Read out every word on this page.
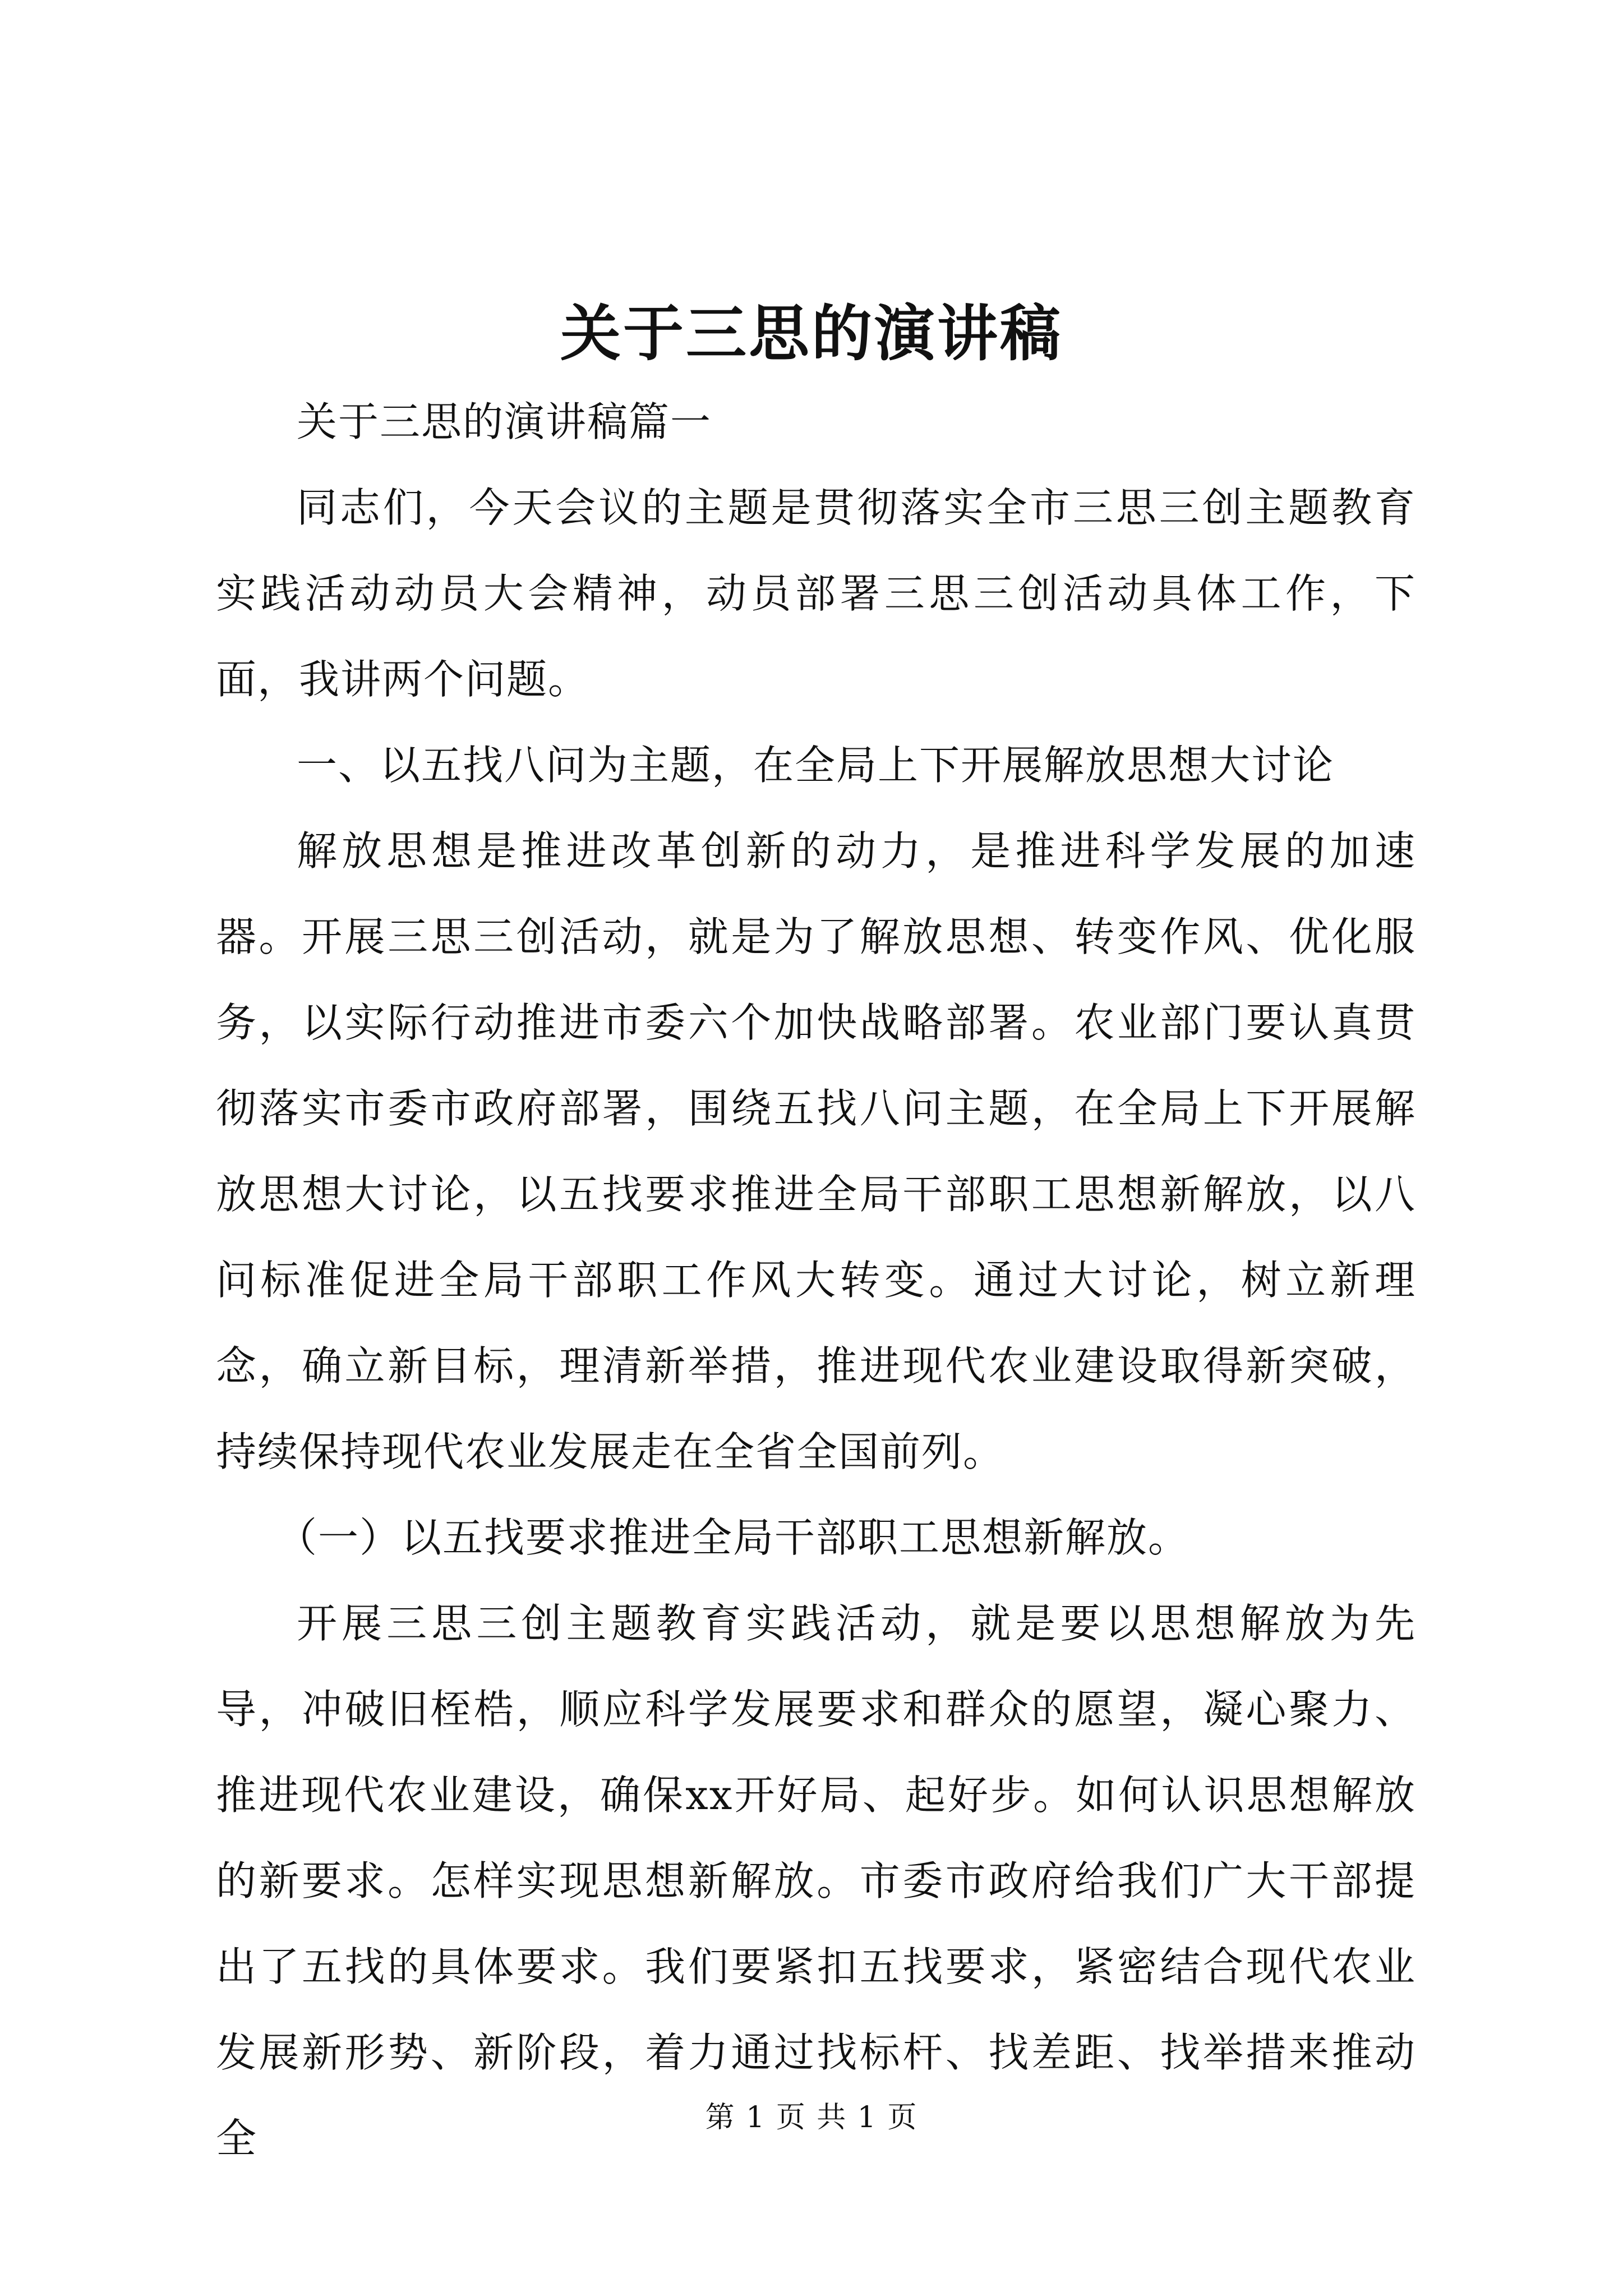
关于三思的演讲稿

关于三思的演讲稿篇一

同志们，今天会议的主题是贯彻落实全市三思三创主题教育实践活动动员大会精神，动员部署三思三创活动具体工作，下面，我讲两个问题。

一、以五找八问为主题，在全局上下开展解放思想大讨论

解放思想是推进改革创新的动力，是推进科学发展的加速器。开展三思三创活动，就是为了解放思想、转变作风、优化服务，以实际行动推进市委六个加快战略部署。农业部门要认真贯彻落实市委市政府部署，围绕五找八问主题，在全局上下开展解放思想大讨论，以五找要求推进全局干部职工思想新解放，以八问标准促进全局干部职工作风大转变。通过大讨论，树立新理念，确立新目标，理清新举措，推进现代农业建设取得新突破，持续保持现代农业发展走在全省全国前列。

（一）以五找要求推进全局干部职工思想新解放。

开展三思三创主题教育实践活动，就是要以思想解放为先导，冲破旧桎梏，顺应科学发展要求和群众的愿望，凝心聚力、推进现代农业建设，确保xx开好局、起好步。如何认识思想解放的新要求。怎样实现思想新解放。市委市政府给我们广大干部提出了五找的具体要求。我们要紧扣五找要求，紧密结合现代农业发展新形势、新阶段，着力通过找标杆、找差距、找举措来推动全	第 1 页 共 1 页
